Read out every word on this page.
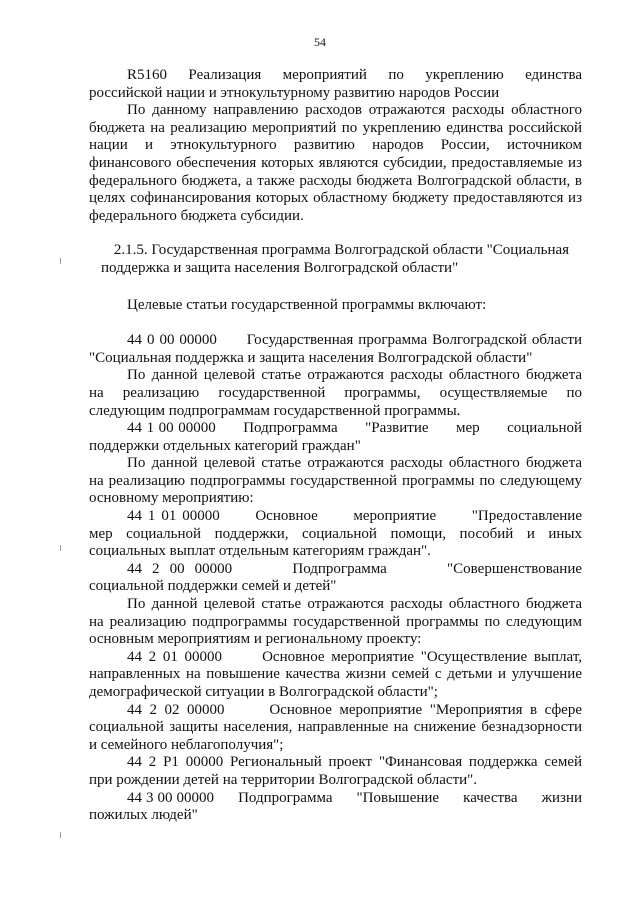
54

R5160    Реализация    мероприятий    по    укреплению    единства российской нации и этнокультурному развитию народов России

По данному направлению расходов отражаются расходы областного бюджета на реализацию мероприятий по укреплению единства российской нации и этнокультурного развитию народов России, источником финансового обеспечения которых являются субсидии, предоставляемые из федерального бюджета, а также расходы бюджета Волгоградской области, в целях софинансирования которых областному бюджету предоставляются из федерального бюджета субсидии.

2.1.5. Государственная программа Волгоградской области "Социальная поддержка и защита населения Волгоградской области"

Целевые статьи государственной программы включают:

44 0 00 00000      Государственная программа Волгоградской области "Социальная поддержка и защита населения Волгоградской области"

По данной целевой статье отражаются расходы областного бюджета на реализацию государственной программы, осуществляемые по следующим подпрограммам государственной программы.

44 1 00 00000      Подпрограмма      "Развитие      мер      социальной поддержки отдельных категорий граждан"

По данной целевой статье отражаются расходы областного бюджета на реализацию подпрограммы государственной программы по следующему основному мероприятию:

44 1 01 00000      Основное      мероприятие      "Предоставление      мер социальной поддержки, социальной помощи, пособий и иных социальных выплат отдельным категориям граждан".

44 2 00 00000      Подпрограмма      "Совершенствование      социальной поддержки семей и детей"

По данной целевой статье отражаются расходы областного бюджета на реализацию подпрограммы государственной программы по следующим основным мероприятиям и региональному проекту:

44 2 01 00000      Основное мероприятие "Осуществление выплат, направленных на повышение качества жизни семей с детьми и улучшение демографической ситуации в Волгоградской области";

44 2 02 00000      Основное мероприятие "Мероприятия в сфере социальной защиты населения, направленные на снижение безнадзорности и семейного неблагополучия";

44 2 Р1 00000 Региональный проект "Финансовая поддержка семей при рождении детей на территории Волгоградской области".

44 3 00 00000      Подпрограмма      "Повышение      качества      жизни пожилых людей"
